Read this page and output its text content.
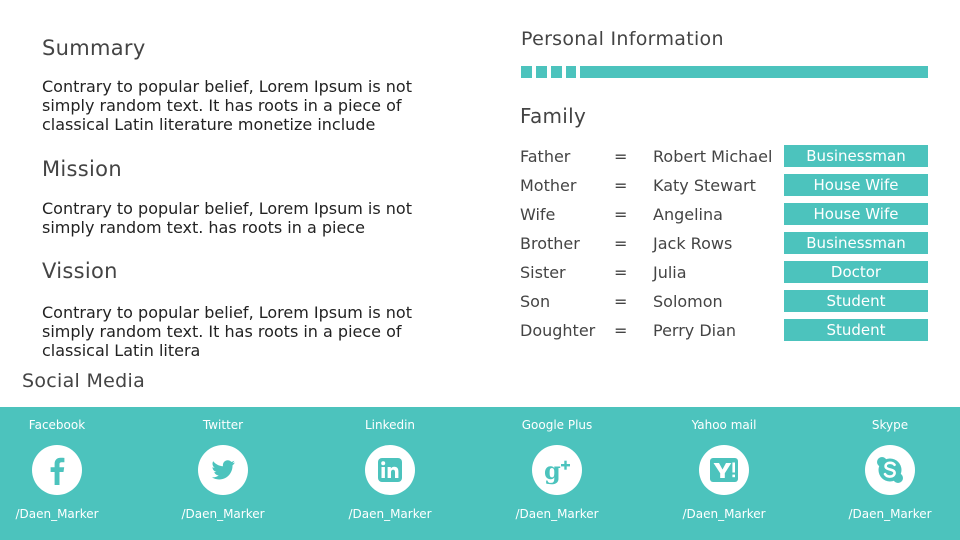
Summary
Contrary to popular belief, Lorem Ipsum is not
simply random text. It has roots in a piece of
classical Latin literature monetize include
Mission
Contrary to popular belief, Lorem Ipsum is not
simply random text. has roots in a piece
Vission
Contrary to popular belief, Lorem Ipsum is not
simply random text. It has roots in a piece of
classical Latin litera
Personal Information
Family
Father	= Robert Michael	Businessman
Mother = Katy Stewart	House Wife
Wife	= Angelina	House Wife
Brother = Jack Rows	Businessman
Sister	= Julia	Doctor
Son	= Solomon	Student
Doughter = Perry Dian	Student
Social Media
Facebook
/Daen_Marker
Twitter
/Daen_Marker
Linkedin
/Daen_Marker
Google Plus
g
/Daen_Marker
Yahoo mail
/Daen_Marker
Skype
/Daen_Marker
